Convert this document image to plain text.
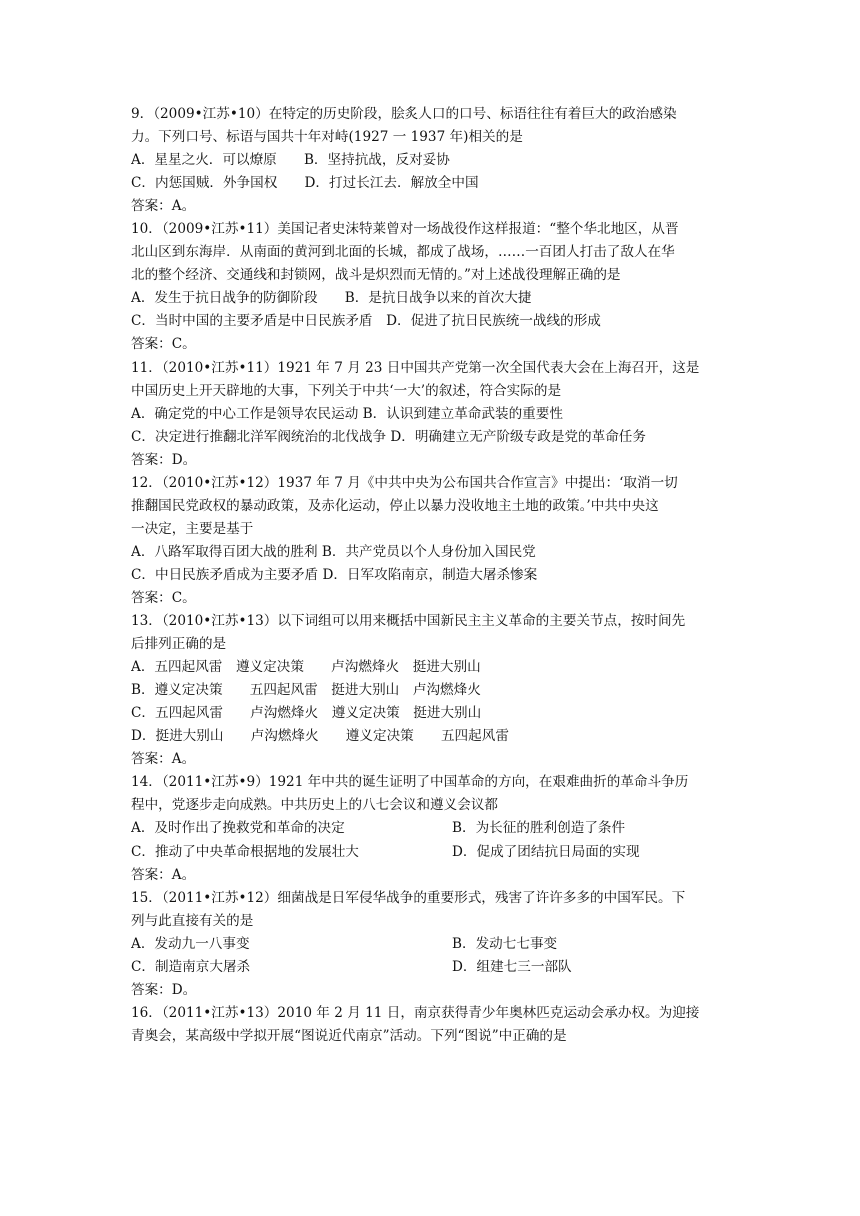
9．（2009•江苏•10）在特定的历史阶段，脍炙人口的口号、标语往往有着巨大的政治感染
力。下列口号、标语与国共十年对峙(1927 一 1937 年)相关的是
A．星星之火．可以燎原　　B．坚持抗战，反对妥协
C．内惩国贼．外争国权　　D．打过长江去．解放全中国
答案：A。
10．（2009•江苏•11）美国记者史沫特莱曾对一场战役作这样报道：“整个华北地区，从晋
北山区到东海岸．从南面的黄河到北面的长城，都成了战场，……一百团人打击了敌人在华
北的整个经济、交通线和封锁网，战斗是炽烈而无情的。”对上述战役理解正确的是
A．发生于抗日战争的防御阶段　　B．是抗日战争以来的首次大捷
C．当时中国的主要矛盾是中日民族矛盾　D．促进了抗日民族统一战线的形成
答案：C。
11．（2010•江苏•11）1921 年 7 月 23 日中国共产党第一次全国代表大会在上海召开，这是
中国历史上开天辟地的大事，下列关于中共‘一大’的叙述，符合实际的是
A．确定党的中心工作是领导农民运动 B．认识到建立革命武装的重要性
C．决定进行推翻北洋军阀统治的北伐战争 D．明确建立无产阶级专政是党的革命任务
答案：D。
12．（2010•江苏•12）1937 年 7 月《中共中央为公布国共合作宣言》中提出：‘取消一切
推翻国民党政权的暴动政策，及赤化运动，停止以暴力没收地主土地的政策。’中共中央这
一决定，主要是基于
A．八路军取得百团大战的胜利 B．共产党员以个人身份加入国民党
C．中日民族矛盾成为主要矛盾 D．日军攻陷南京，制造大屠杀惨案
答案：C。
13．（2010•江苏•13）以下词组可以用来概括中国新民主主义革命的主要关节点，按时间先
后排列正确的是
A．五四起风雷　遵义定决策　　卢沟燃烽火　挺进大别山
B．遵义定决策　　五四起风雷　挺进大别山　卢沟燃烽火
C．五四起风雷　　卢沟燃烽火　遵义定决策　挺进大别山
D．挺进大别山　　卢沟燃烽火　　遵义定决策　　五四起风雷
答案：A。
14．（2011•江苏•9）1921 年中共的诞生证明了中国革命的方向，在艰难曲折的革命斗争历
程中，党逐步走向成熟。中共历史上的八七会议和遵义会议都
A．及时作出了挽救党和革命的决定	B．为长征的胜利创造了条件
C．推动了中央革命根据地的发展壮大	D．促成了团结抗日局面的实现
答案：A。
15．（2011•江苏•12）细菌战是日军侵华战争的重要形式，残害了许许多多的中国军民。下
列与此直接有关的是
A．发动九一八事变	B．发动七七事变
C．制造南京大屠杀	D．组建七三一部队
答案：D。
16．（2011•江苏•13）2010 年 2 月 11 日，南京获得青少年奥林匹克运动会承办权。为迎接
青奥会，某高级中学拟开展“图说近代南京”活动。下列“图说”中正确的是
